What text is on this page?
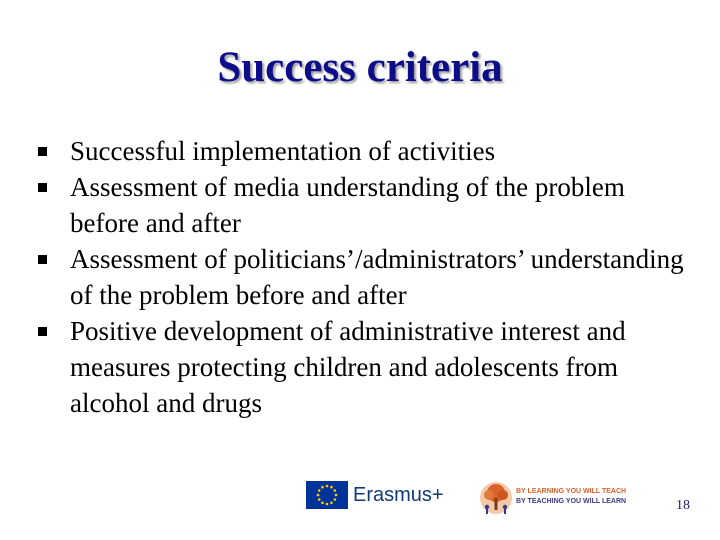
Success criteria
Successful implementation of activities
Assessment of media understanding of the problem before and after
Assessment of politicians’/administrators’ understanding of the problem before and after
Positive development of administrative interest and measures protecting children and adolescents from alcohol and drugs
Erasmus+	BY LEARNING YOU WILL TEACH
BY TEACHING YOU WILL LEARN	18
